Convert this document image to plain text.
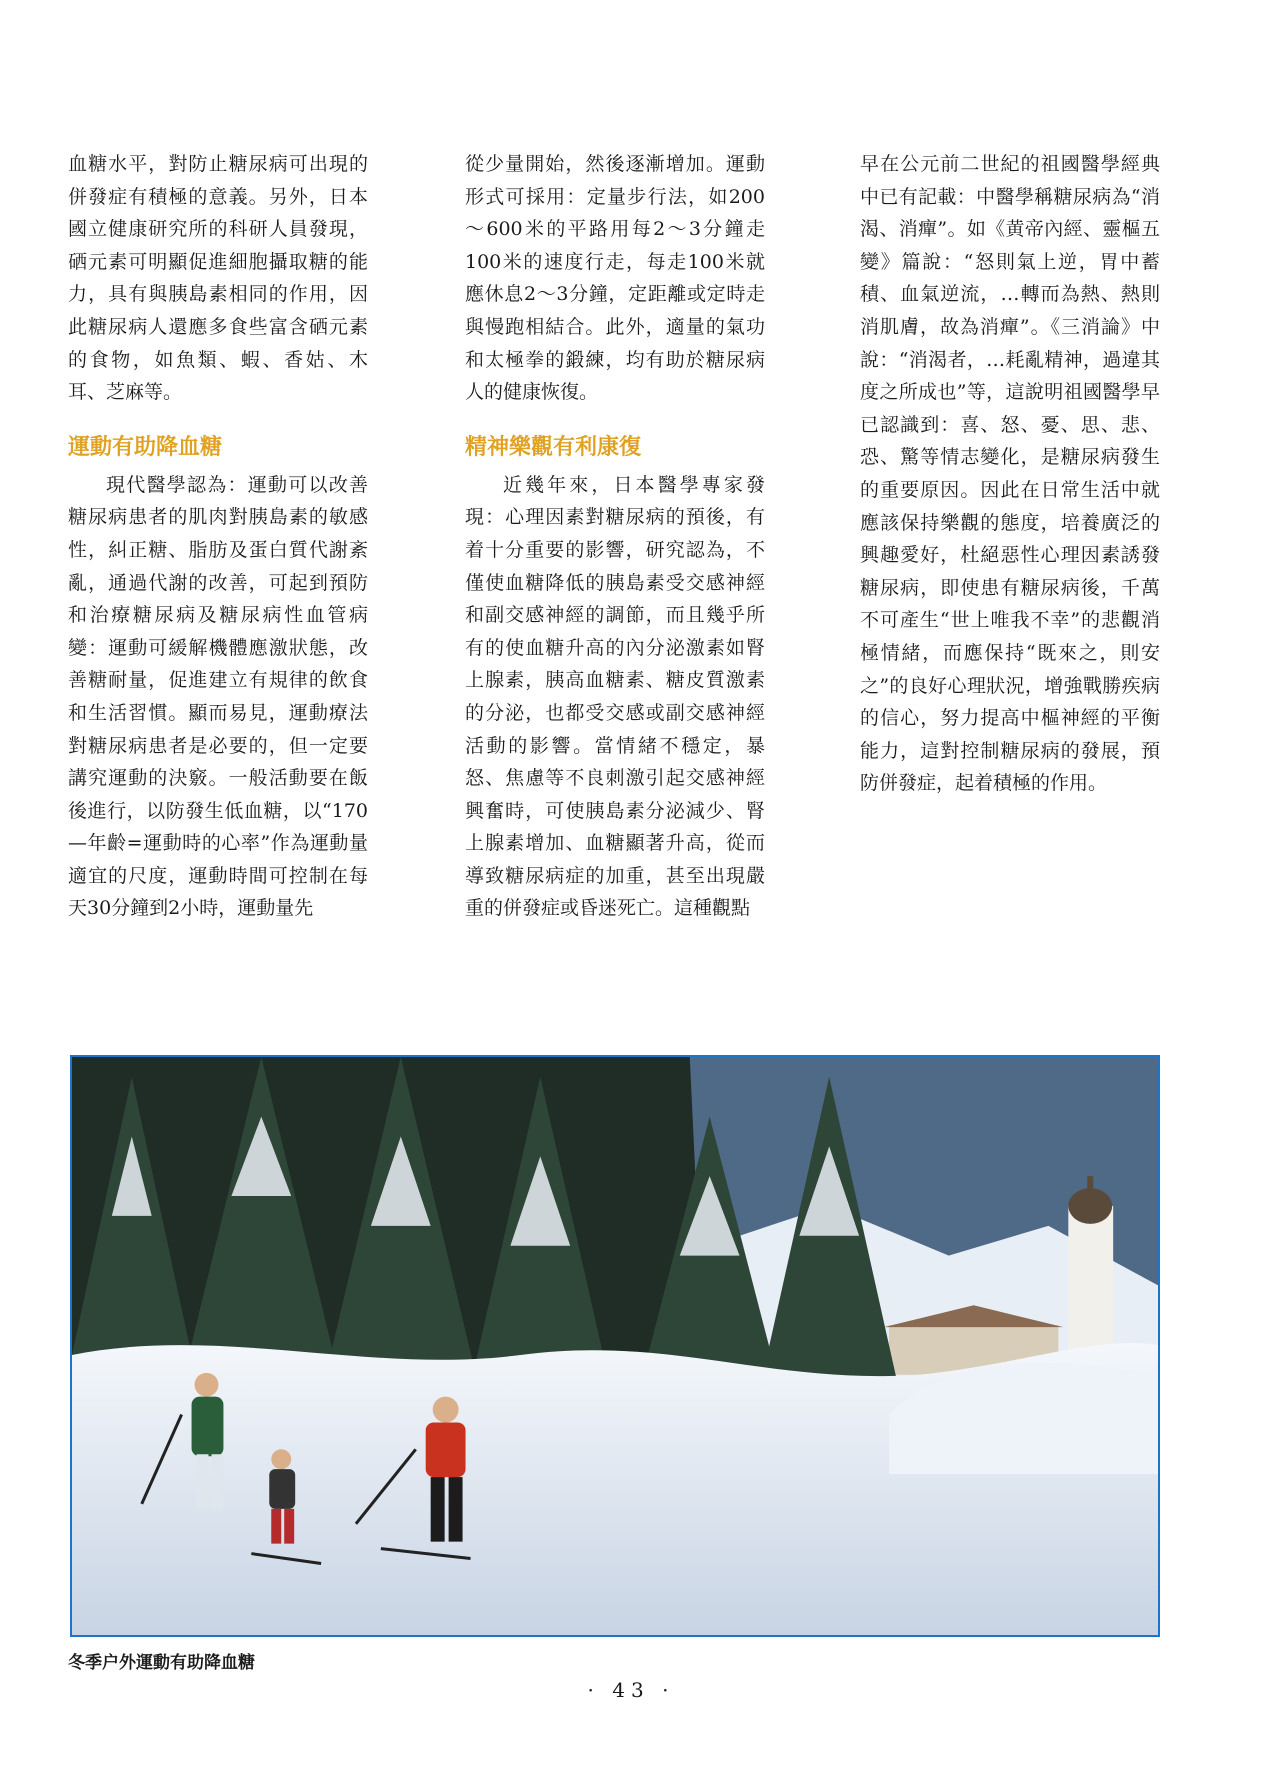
血糖水平，對防止糖尿病可出現的併發症有積極的意義。另外，日本國立健康研究所的科研人員發現，硒元素可明顯促進細胞攝取糖的能力，具有與胰島素相同的作用，因此糖尿病人還應多食些富含硒元素的食物，如魚類、蝦、香姑、木耳、芝麻等。

運動有助降血糖

現代醫學認為：運動可以改善糖尿病患者的肌肉對胰島素的敏感性，糾正糖、脂肪及蛋白質代謝紊亂，通過代謝的改善，可起到預防和治療糖尿病及糖尿病性血管病變：運動可緩解機體應激狀態，改善糖耐量，促進建立有規律的飲食和生活習慣。顯而易見，運動療法對糖尿病患者是必要的，但一定要講究運動的決竅。一般活動要在飯後進行，以防發生低血糖，以“170—年齡=運動時的心率”作為運動量適宜的尺度，運動時間可控制在每天30分鐘到2小時，運動量先

從少量開始，然後逐漸增加。運動形式可採用：定量步行法，如200～600米的平路用每2～3分鐘走100米的速度行走，每走100米就應休息2～3分鐘，定距離或定時走與慢跑相結合。此外，適量的氣功和太極拳的鍛練，均有助於糖尿病人的健康恢復。

精神樂觀有利康復

近幾年來，日本醫學專家發現：心理因素對糖尿病的預後，有着十分重要的影響，研究認為，不僅使血糖降低的胰島素受交感神經和副交感神經的調節，而且幾乎所有的使血糖升高的內分泌激素如腎上腺素，胰高血糖素、糖皮質激素的分泌，也都受交感或副交感神經活動的影響。當情緒不穩定，暴怒、焦慮等不良刺激引起交感神經興奮時，可使胰島素分泌減少、腎上腺素增加、血糖顯著升高，從而導致糖尿病症的加重，甚至出現嚴重的併發症或昏迷死亡。這種觀點

早在公元前二世紀的祖國醫學經典中已有記載：中醫學稱糖尿病為“消渴、消癉”。如《黄帝內經、靈樞五變》篇說：“怒則氣上逆，胃中蓄積、血氣逆流，…轉而為熱、熱則消肌膚，故為消癉”。《三消論》中說：“消渴者，…耗亂精神，過違其度之所成也”等，這說明祖國醫學早已認識到：喜、怒、憂、思、悲、恐、驚等情志變化，是糖尿病發生的重要原因。因此在日常生活中就應該保持樂觀的態度，培養廣泛的興趣愛好，杜絕惡性心理因素誘發糖尿病，即使患有糖尿病後，千萬不可產生“世上唯我不幸”的悲觀消極情緒，而應保持“既來之，則安之”的良好心理狀況，增強戰勝疾病的信心，努力提高中樞神經的平衡能力，這對控制糖尿病的發展，預防併發症，起着積極的作用。

冬季户外運動有助降血糖
· 43 ·
